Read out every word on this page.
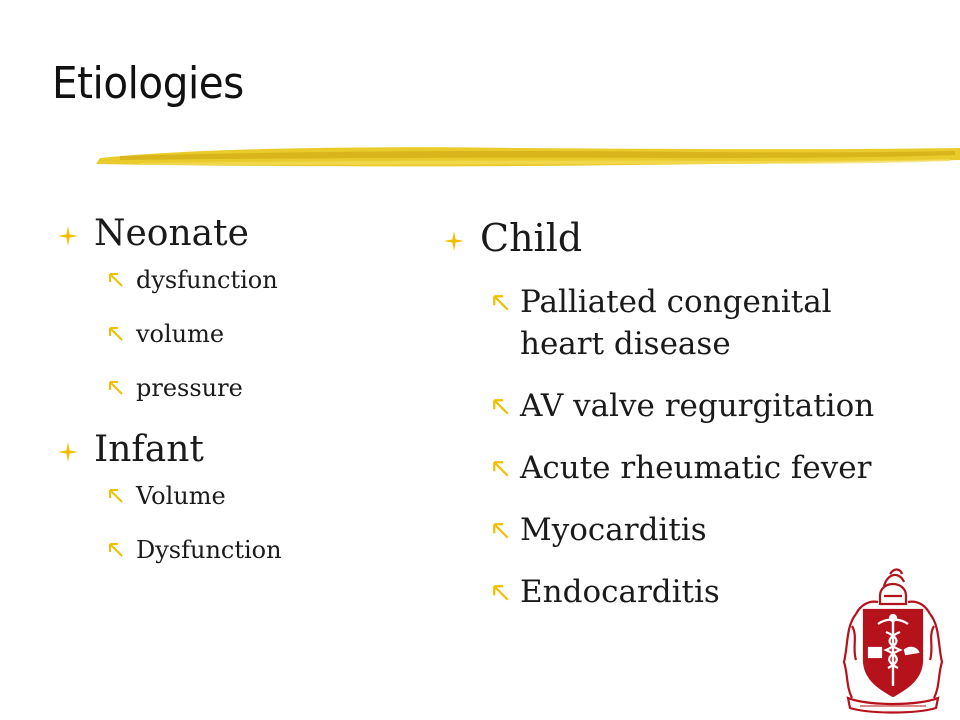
Etiologies
Neonate
dysfunction
volume
pressure
Infant
Volume
Dysfunction
Child
Palliated congenital heart disease
AV valve regurgitation
Acute rheumatic fever
Myocarditis
Endocarditis
